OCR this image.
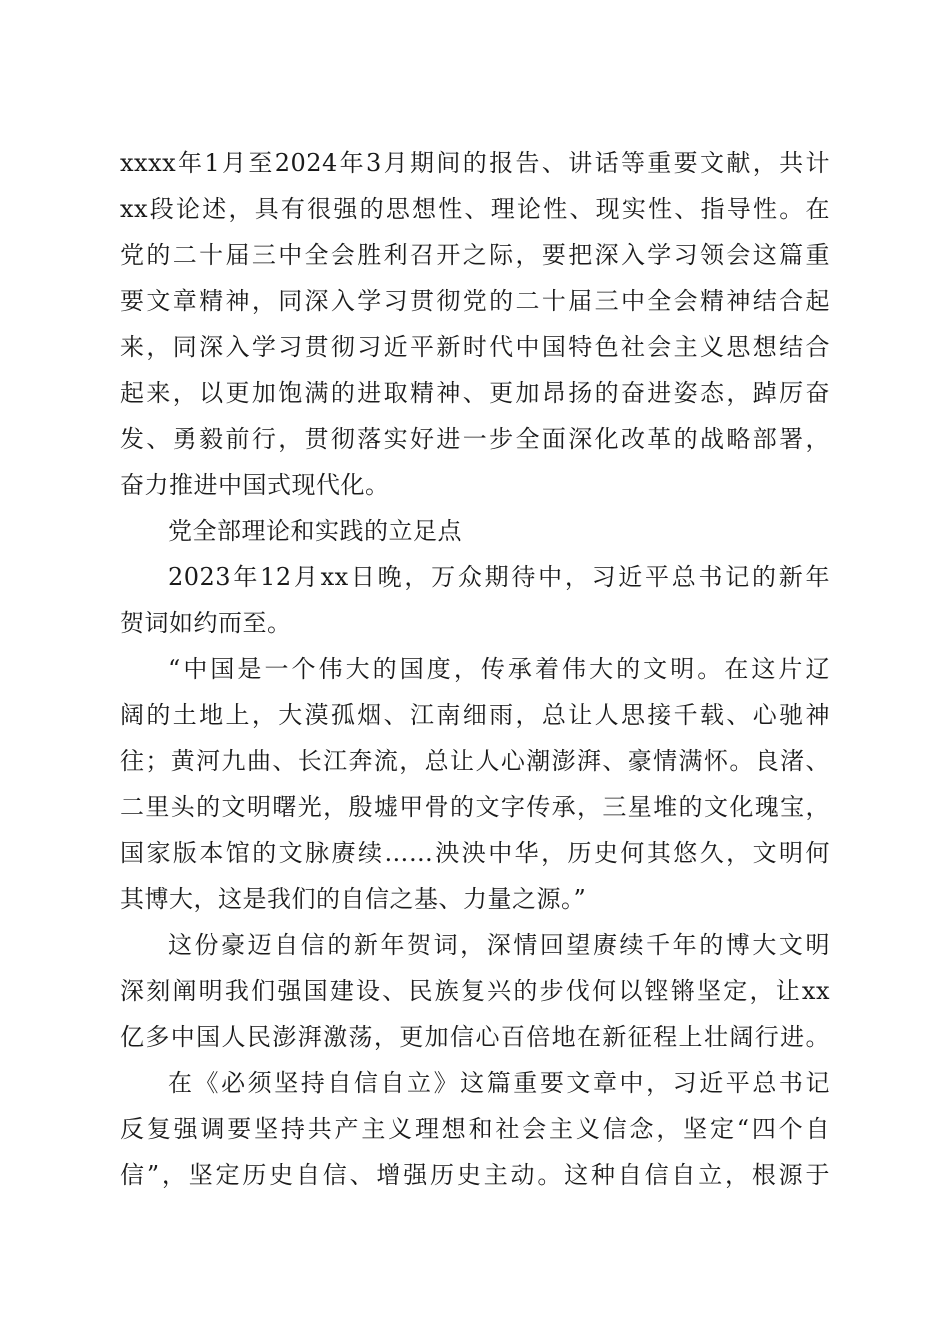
xxxx年1月至2024年3月期间的报告、讲话等重要文献，共计
xx段论述，具有很强的思想性、理论性、现实性、指导性。在
党的二十届三中全会胜利召开之际，要把深入学习领会这篇重
要文章精神，同深入学习贯彻党的二十届三中全会精神结合起
来，同深入学习贯彻习近平新时代中国特色社会主义思想结合
起来，以更加饱满的进取精神、更加昂扬的奋进姿态，踔厉奋
发、勇毅前行，贯彻落实好进一步全面深化改革的战略部署，
奋力推进中国式现代化。
党全部理论和实践的立足点
2023年12月xx日晚，万众期待中，习近平总书记的新年
贺词如约而至。
“中国是一个伟大的国度，传承着伟大的文明。在这片辽
阔的土地上，大漠孤烟、江南细雨，总让人思接千载、心驰神
往；黄河九曲、长江奔流，总让人心潮澎湃、豪情满怀。良渚、
二里头的文明曙光，殷墟甲骨的文字传承，三星堆的文化瑰宝，
国家版本馆的文脉赓续……泱泱中华，历史何其悠久，文明何
其博大，这是我们的自信之基、力量之源。”
这份豪迈自信的新年贺词，深情回望赓续千年的博大文明
深刻阐明我们强国建设、民族复兴的步伐何以铿锵坚定，让xx
亿多中国人民澎湃激荡，更加信心百倍地在新征程上壮阔行进。
在《必须坚持自信自立》这篇重要文章中，习近平总书记
反复强调要坚持共产主义理想和社会主义信念，坚定“四个自
信”，坚定历史自信、增强历史主动。这种自信自立，根源于
